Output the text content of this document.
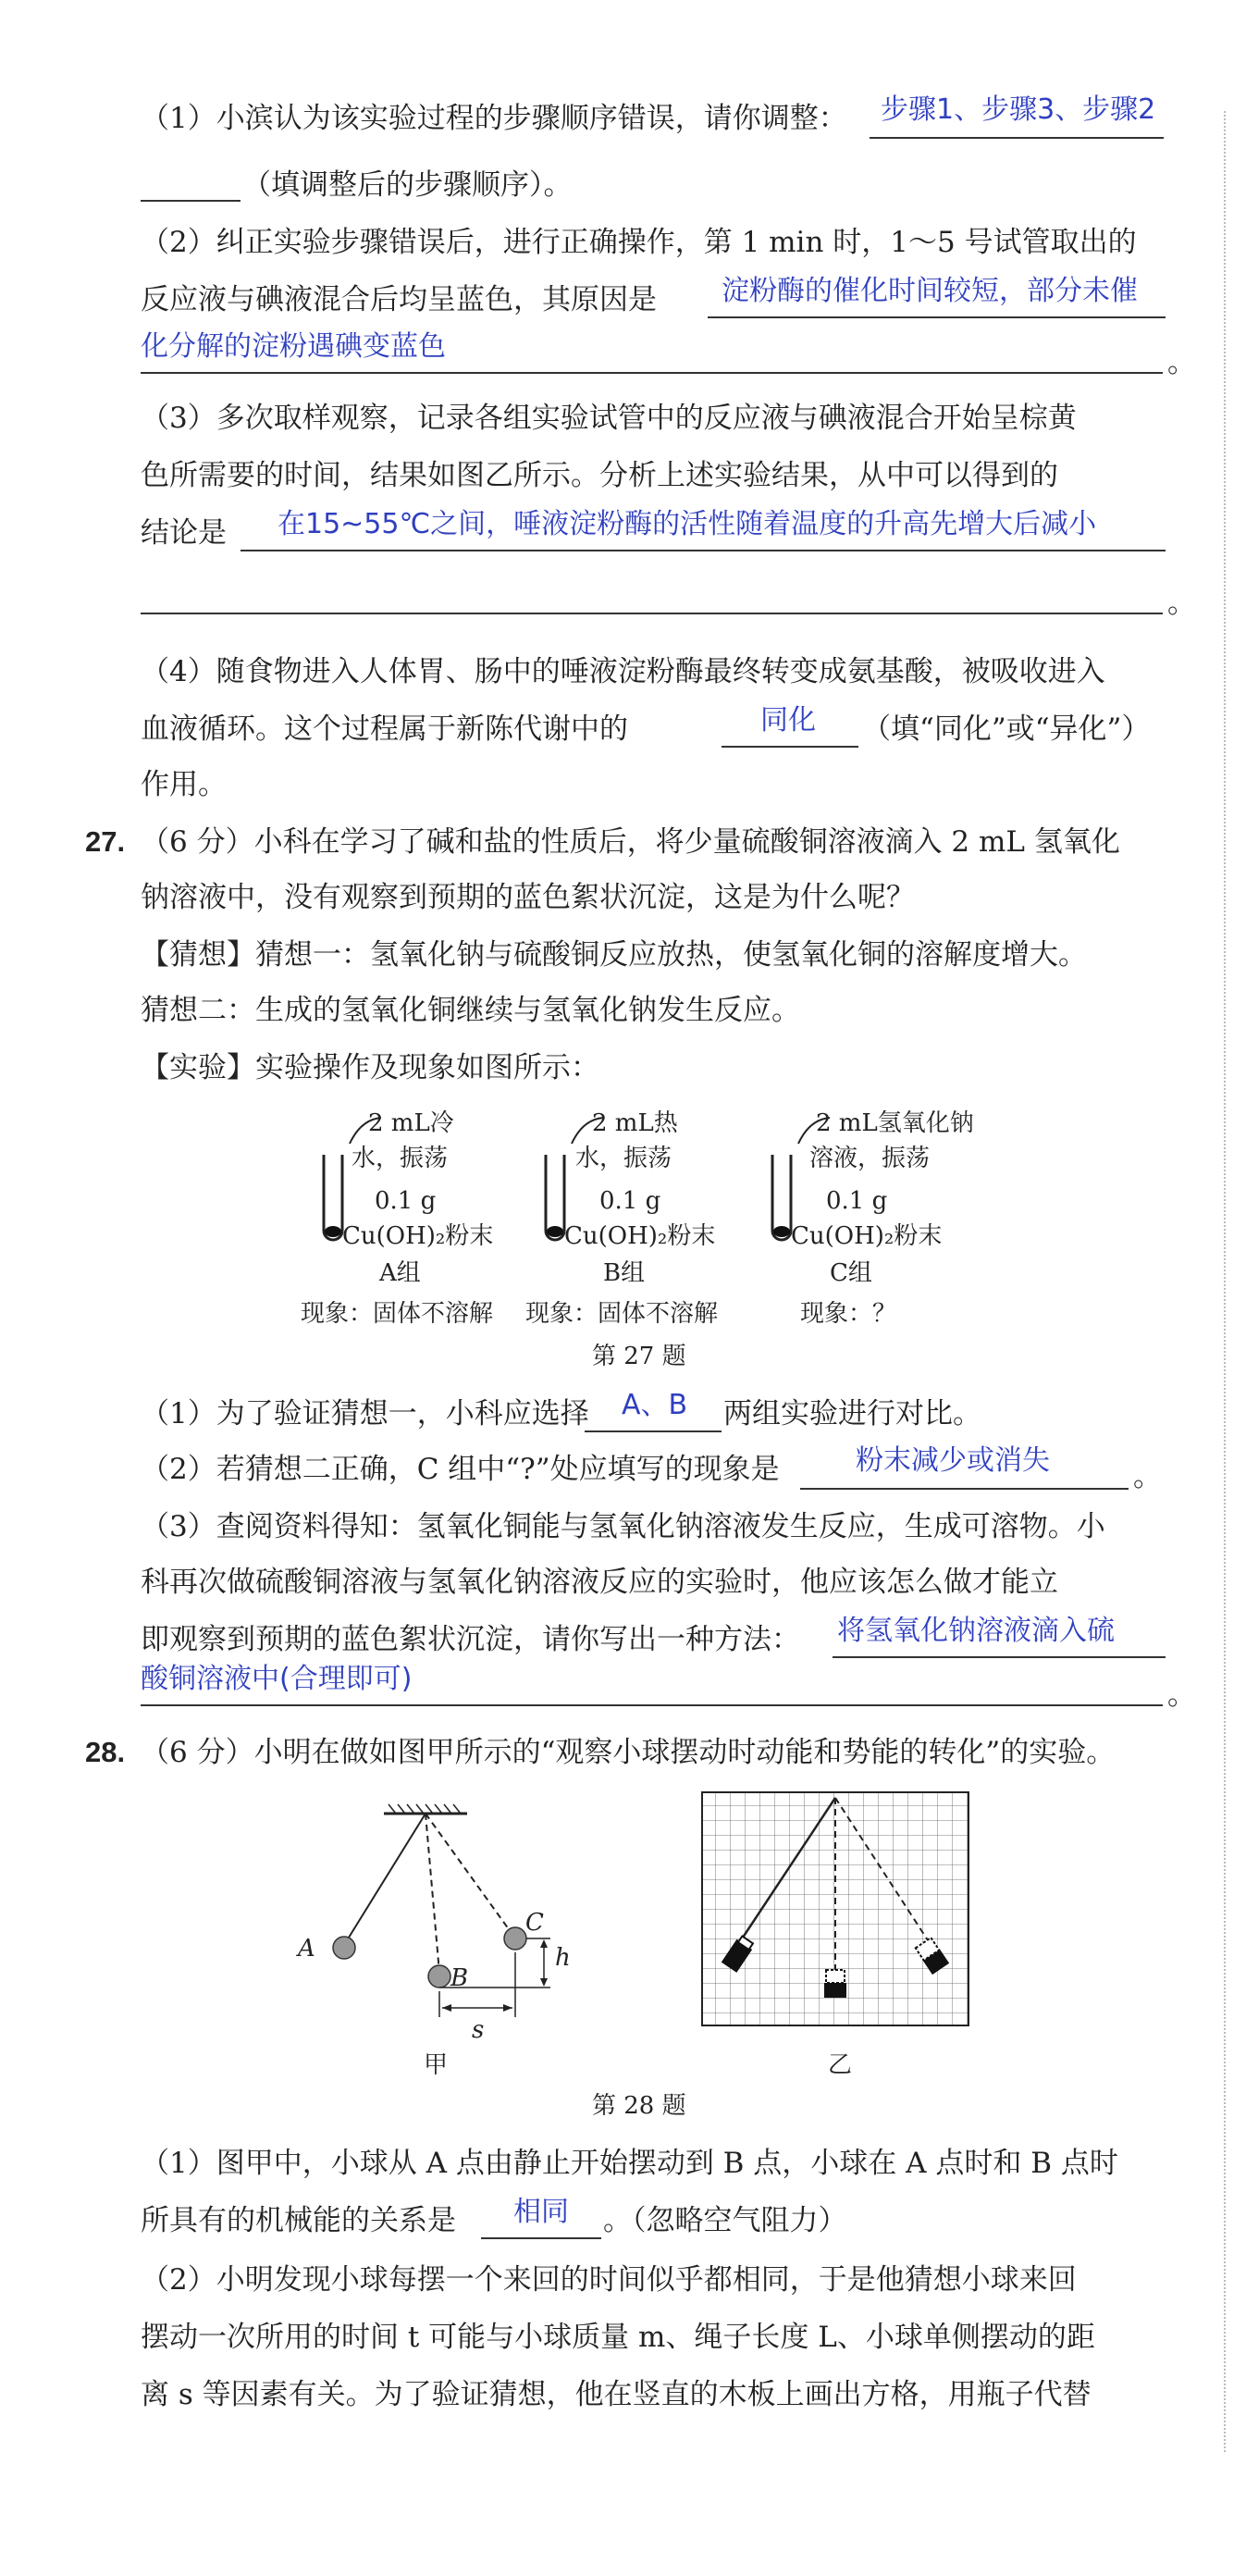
（1）小滨认为该实验过程的步骤顺序错误，请你调整： 步骤1、步骤3、步骤2
（填调整后的步骤顺序）。
（2）纠正实验步骤错误后，进行正确操作，第 1 min 时，1～5 号试管取出的
反应液与碘液混合后均呈蓝色，其原因是 淀粉酶的催化时间较短，部分未催
化分解的淀粉遇碘变蓝色	。
（3）多次取样观察，记录各组实验试管中的反应液与碘液混合开始呈棕黄
色所需要的时间，结果如图乙所示。分析上述实验结果，从中可以得到的
结论是 在15~55℃之间，唾液淀粉酶的活性随着温度的升高先增大后减小
。
（4）随食物进入人体胃、肠中的唾液淀粉酶最终转变成氨基酸，被吸收进入
血液循环。这个过程属于新陈代谢中的	同化 （填“同化”或“异化”）
作用。
27. （6 分）小科在学习了碱和盐的性质后，将少量硫酸铜溶液滴入 2 mL 氢氧化
钠溶液中，没有观察到预期的蓝色絮状沉淀，这是为什么呢？
【猜想】猜想一：氢氧化钠与硫酸铜反应放热，使氢氧化铜的溶解度增大。
猜想二：生成的氢氧化铜继续与氢氧化钠发生反应。
【实验】实验操作及现象如图所示：
2 mL冷
水，振荡
0.1 g
Cu(OH)₂粉末
A组
现象：固体不溶解
2 mL热
水，振荡
0.1 g
Cu(OH)₂粉末
B组
现象：固体不溶解
2 mL氢氧化钠
溶液，振荡
0.1 g
Cu(OH)₂粉末
C组
现象：？
第 27 题
（1）为了验证猜想一，小科应选择 A、B 两组实验进行对比。
（2）若猜想二正确，C 组中“?”处应填写的现象是	粉末减少或消失	。
（3）查阅资料得知：氢氧化铜能与氢氧化钠溶液发生反应，生成可溶物。小
科再次做硫酸铜溶液与氢氧化钠溶液反应的实验时，他应该怎么做才能立
即观察到预期的蓝色絮状沉淀，请你写出一种方法： 将氢氧化钠溶液滴入硫
酸铜溶液中(合理即可)	。
28. （6 分）小明在做如图甲所示的“观察小球摆动时动能和势能的转化”的实验。
A
B
C
h
s
甲	乙
第 28 题
（1）图甲中，小球从 A 点由静止开始摆动到 B 点，小球在 A 点时和 B 点时
所具有的机械能的关系是 相同 。（忽略空气阻力）
（2）小明发现小球每摆一个来回的时间似乎都相同，于是他猜想小球来回
摆动一次所用的时间 t 可能与小球质量 m、绳子长度 L、小球单侧摆动的距
离 s 等因素有关。为了验证猜想，他在竖直的木板上画出方格，用瓶子代替
